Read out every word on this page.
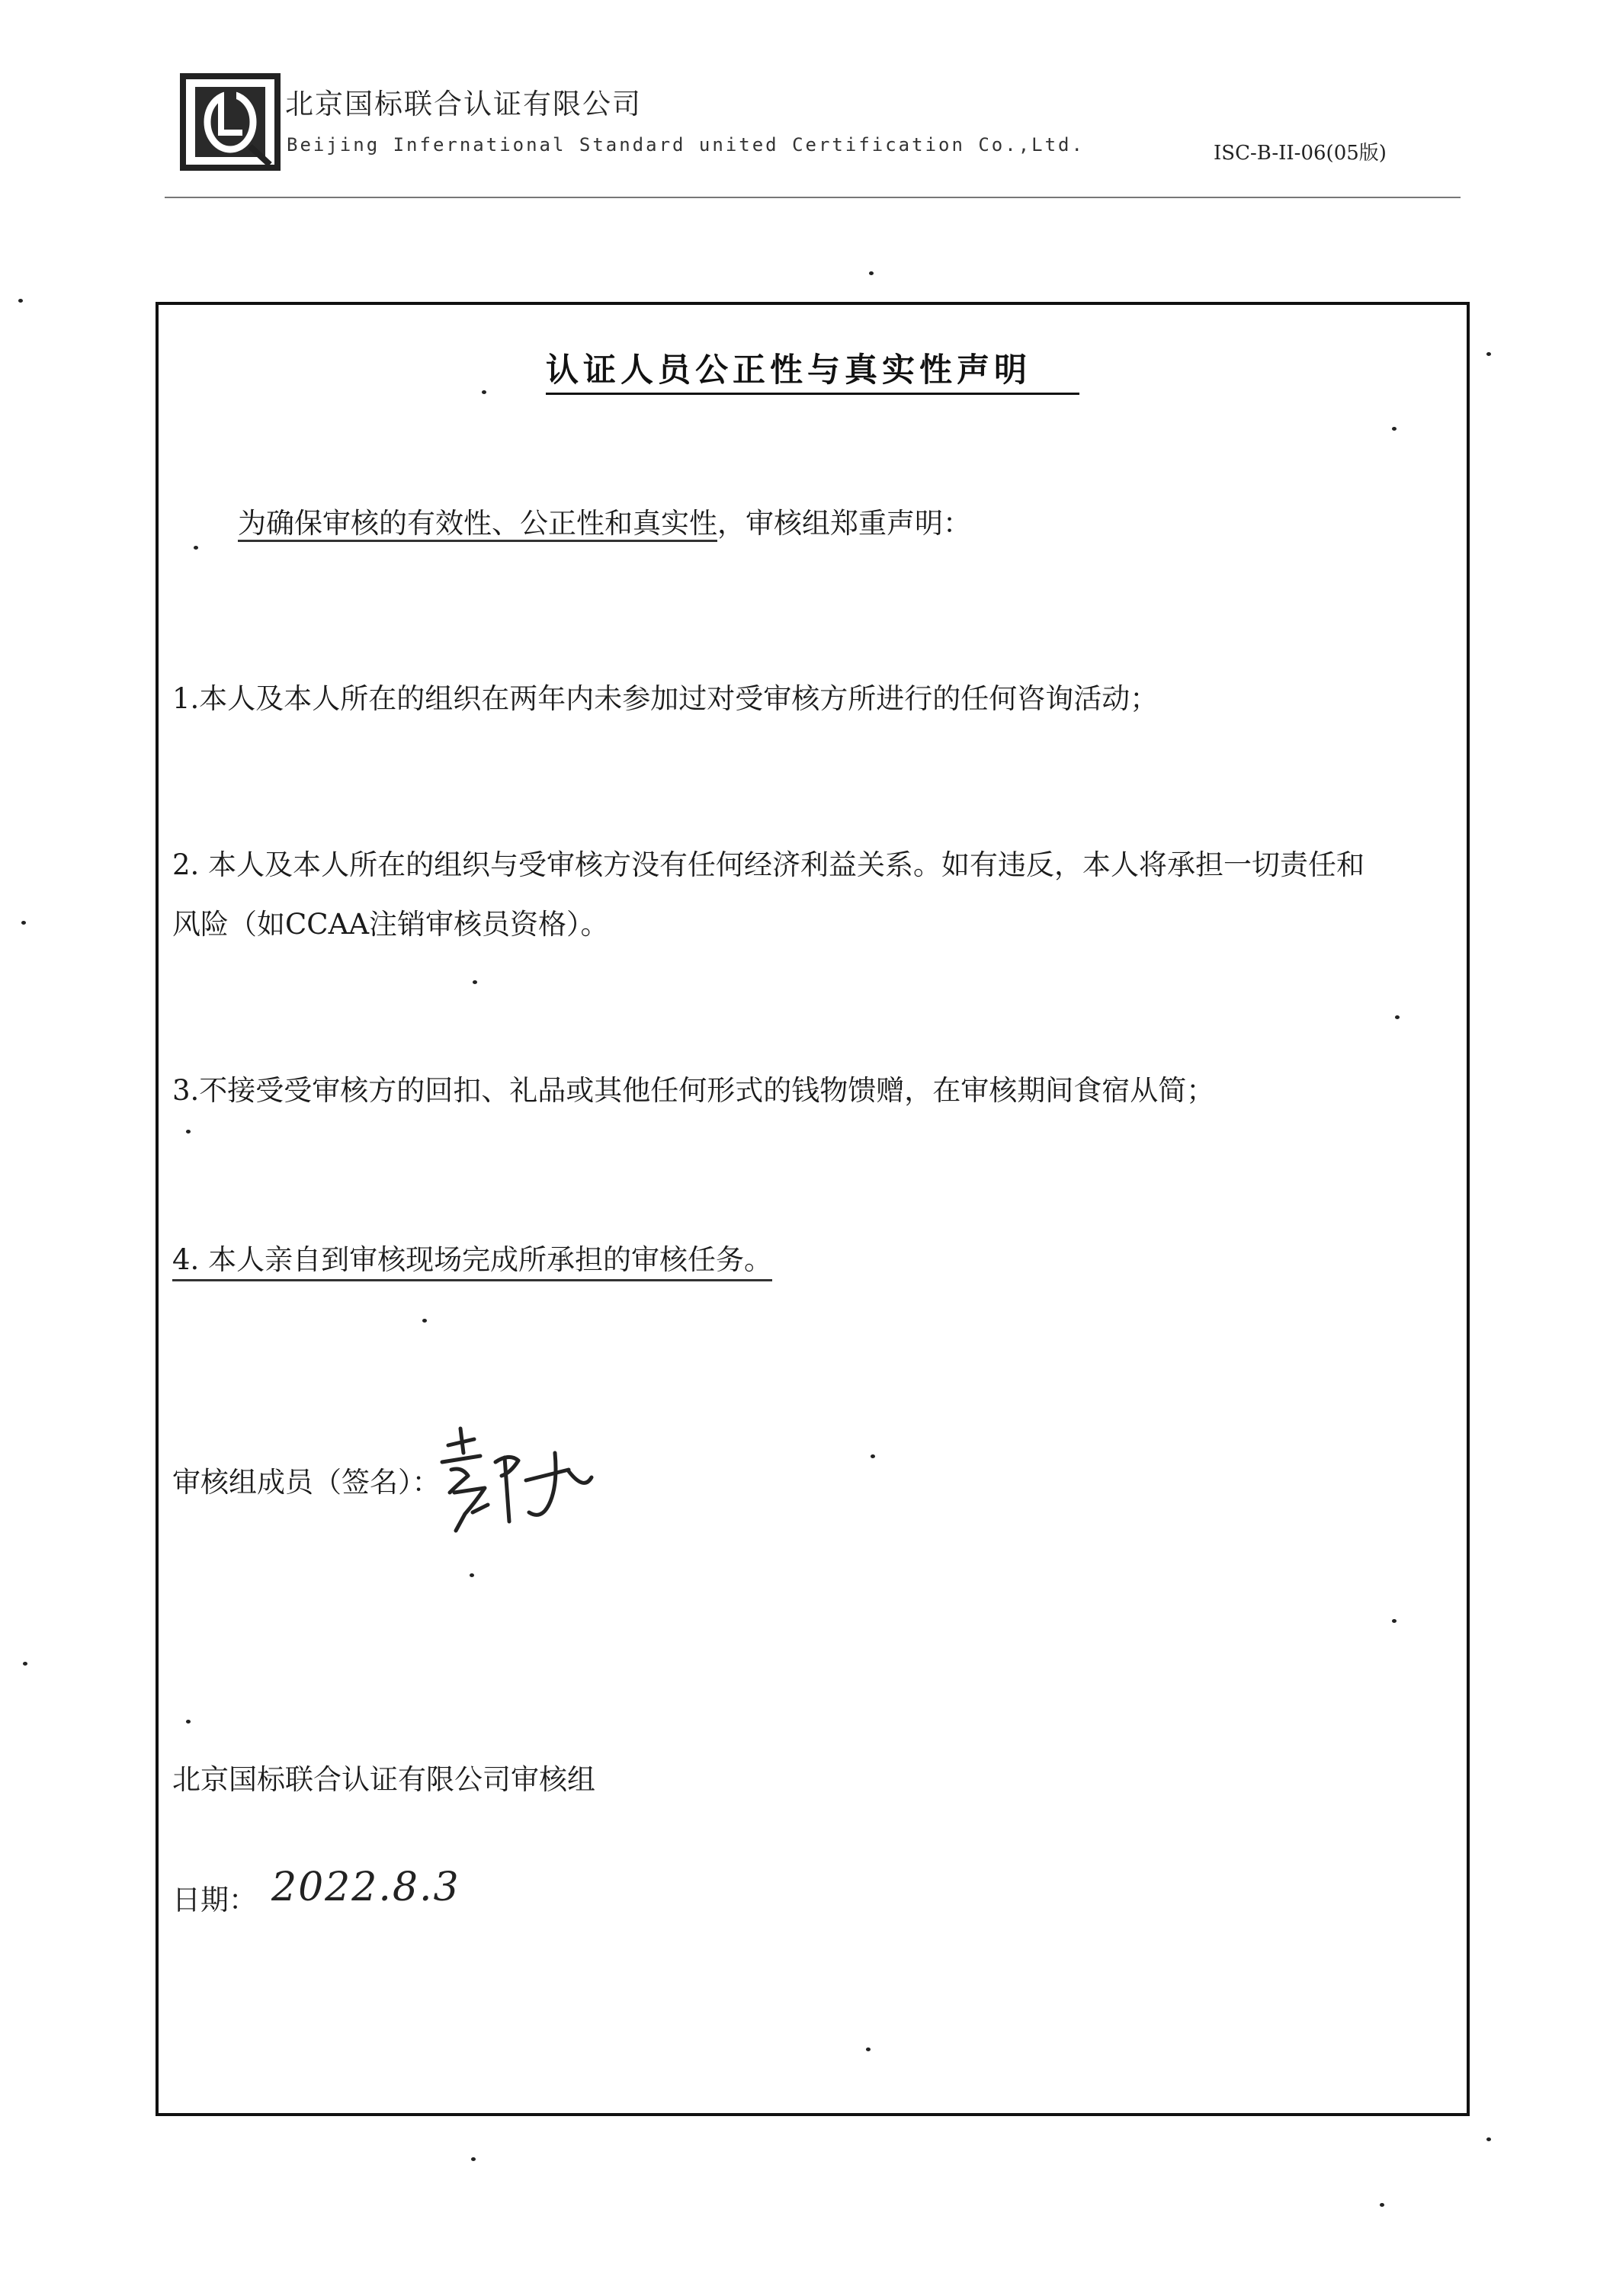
北京国标联合认证有限公司
Beijing Infernational Standard united Certification Co.,Ltd.	ISC-B-II-06(05版)
认证人员公正性与真实性声明
为确保审核的有效性、公正性和真实性，审核组郑重声明：
1.本人及本人所在的组织在两年内未参加过对受审核方所进行的任何咨询活动；
2. 本人及本人所在的组织与受审核方没有任何经济利益关系。如有违反，本人将承担一切责任和
风险（如CCAA注销审核员资格）。
3.不接受受审核方的回扣、礼品或其他任何形式的钱物馈赠，在审核期间食宿从简；
4. 本人亲自到审核现场完成所承担的审核任务。
审核组成员（签名）：
北京国标联合认证有限公司审核组
日期： 2022.8.3
